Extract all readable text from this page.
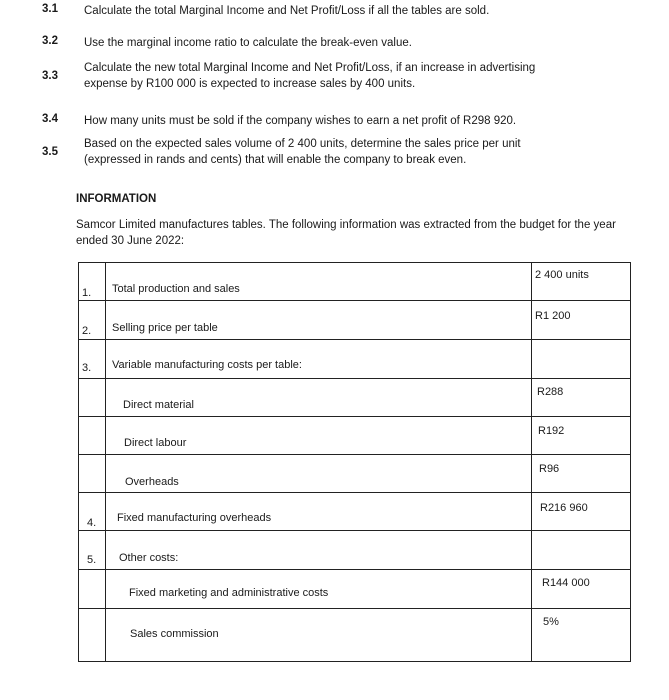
3.1 Calculate the total Marginal Income and Net Profit/Loss if all the tables are sold.
3.2 Use the marginal income ratio to calculate the break-even value.
3.3
Calculate the new total Marginal Income and Net Profit/Loss, if an increase in advertising expense by R100 000 is expected to increase sales by 400 units.
3.4 How many units must be sold if the company wishes to earn a net profit of R298 920.
3.5
Based on the expected sales volume of 2 400 units, determine the sales price per unit (expressed in rands and cents) that will enable the company to break even.
INFORMATION
Samcor Limited manufactures tables. The following information was extracted from the budget for the year ended 30 June 2022:
1. Total production and sales
2 400 units
2. Selling price per table
R1 200
3. Variable manufacturing costs per table:
Direct material
R288
Direct labour
R192
Overheads
R96
4. Fixed manufacturing overheads
R216 960
5. Other costs:
Fixed marketing and administrative costs
R144 000
Sales commission
5%
